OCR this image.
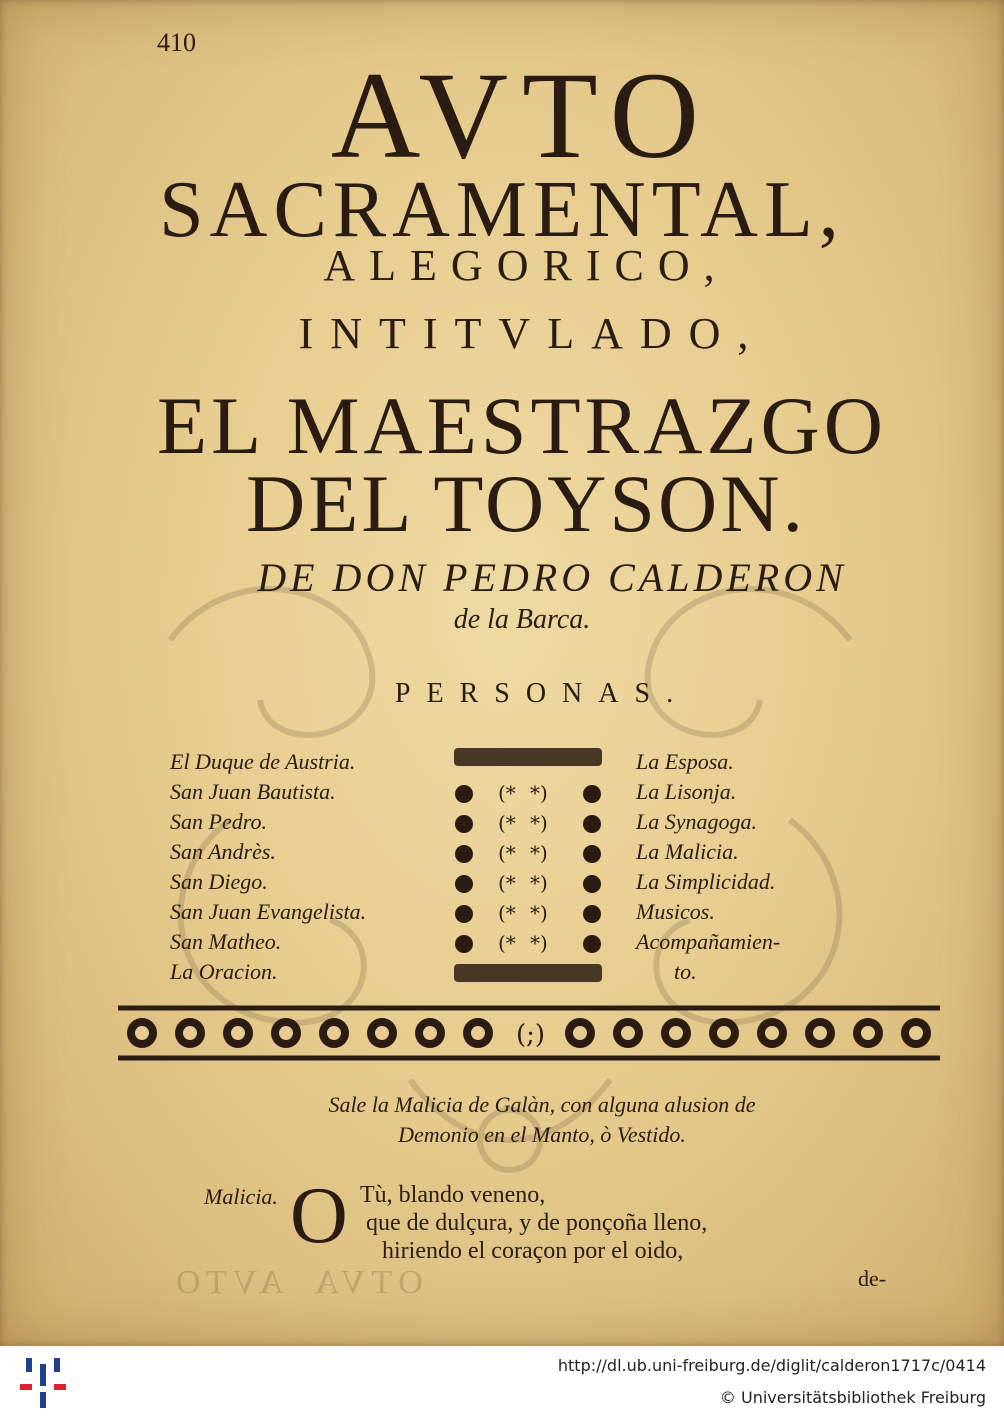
OTVA  AVTO
410
AVTO
SACRAMENTAL,
ALEGORICO,
INTITVLADO,
EL MAESTRAZGO
DEL TOYSON.
DE DON PEDRO CALDERON
de la Barca.
PERSONAS.
El Duque de Austria.
San Juan Bautista.
San Pedro.
San Andrès.
San Diego.
San Juan Evangelista.
San Matheo.
La Oracion.
(* *)
(* *)
(* *)
(* *)
(* *)
(* *)
La Esposa.
La Lisonja.
La Synagoga.
La Malicia.
La Simplicidad.
Musicos.
Acompañamien-
to.
(;)
Sale la Malicia de Galàn, con alguna alusion de
Demonio en el Manto, ò Vestido.
Malicia. O Tù, blando veneno,
que de dulçura, y de ponçoña lleno,
hiriendo el coraçon por el oido,
de-
http://dl.ub.uni-freiburg.de/diglit/calderon1717c/0414
© Universitätsbibliothek Freiburg
